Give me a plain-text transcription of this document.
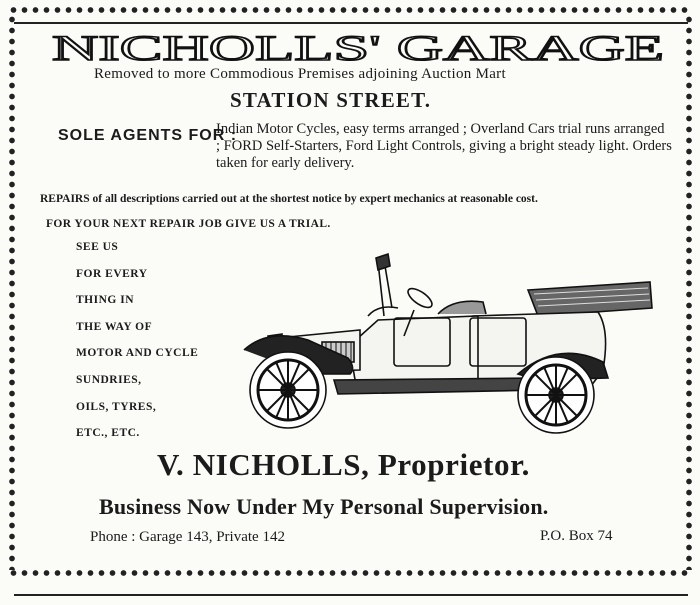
NICHOLLS' GARAGE
Removed to more Commodious Premises adjoining Auction Mart
STATION STREET.
SOLE AGENTS FOR :
Indian Motor Cycles, easy terms arranged ; Overland Cars trial runs arranged ; FORD Self-Starters, Ford Light Controls, giving a bright steady light. Orders taken for early delivery.
REPAIRS of all descriptions carried out at the shortest notice by expert mechanics at reasonable cost.
FOR YOUR NEXT REPAIR JOB GIVE US A TRIAL.
SEE US
FOR EVERY
THING IN
THE WAY OF
MOTOR AND CYCLE
SUNDRIES,
OILS, TYRES,
ETC., ETC.
V. NICHOLLS, Proprietor.
Business Now Under My Personal Supervision.
Phone : Garage 143, Private 142	P.O. Box 74
